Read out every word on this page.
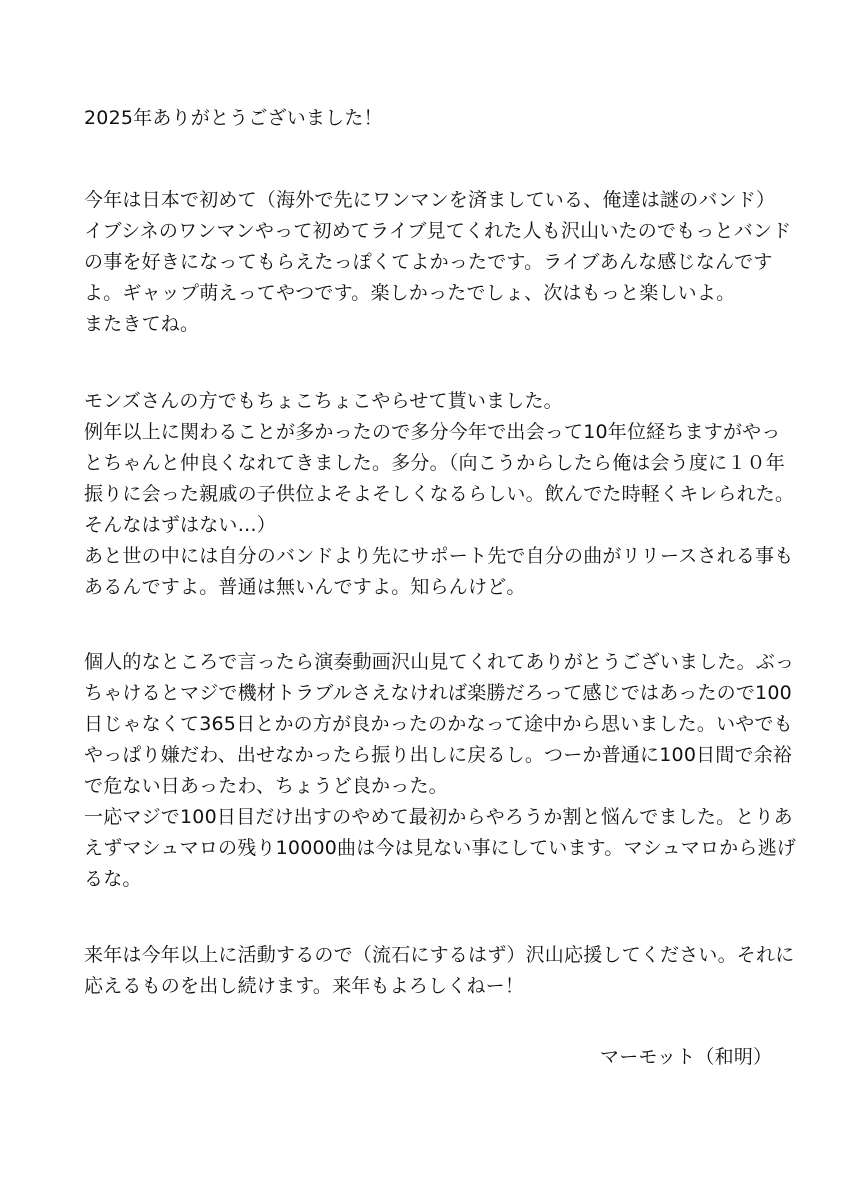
2025年ありがとうございました！
今年は日本で初めて（海外で先にワンマンを済ましている、俺達は謎のバンド）
イブシネのワンマンやって初めてライブ見てくれた人も沢山いたのでもっとバンド
の事を好きになってもらえたっぽくてよかったです。ライブあんな感じなんです
よ。ギャップ萌えってやつです。楽しかったでしょ、次はもっと楽しいよ。
またきてね。
モンズさんの方でもちょこちょこやらせて貰いました。
例年以上に関わることが多かったので多分今年で出会って10年位経ちますがやっ
とちゃんと仲良くなれてきました。多分。（向こうからしたら俺は会う度に１０年
振りに会った親戚の子供位よそよそしくなるらしい。飲んでた時軽くキレられた。
そんなはずはない…）
あと世の中には自分のバンドより先にサポート先で自分の曲がリリースされる事も
あるんですよ。普通は無いんですよ。知らんけど。
個人的なところで言ったら演奏動画沢山見てくれてありがとうございました。ぶっ
ちゃけるとマジで機材トラブルさえなければ楽勝だろって感じではあったので100
日じゃなくて365日とかの方が良かったのかなって途中から思いました。いやでも
やっぱり嫌だわ、出せなかったら振り出しに戻るし。つーか普通に100日間で余裕
で危ない日あったわ、ちょうど良かった。
一応マジで100日目だけ出すのやめて最初からやろうか割と悩んでました。とりあ
えずマシュマロの残り10000曲は今は見ない事にしています。マシュマロから逃げ
るな。
来年は今年以上に活動するので（流石にするはず）沢山応援してください。それに
応えるものを出し続けます。来年もよろしくねー！
マーモット（和明）
